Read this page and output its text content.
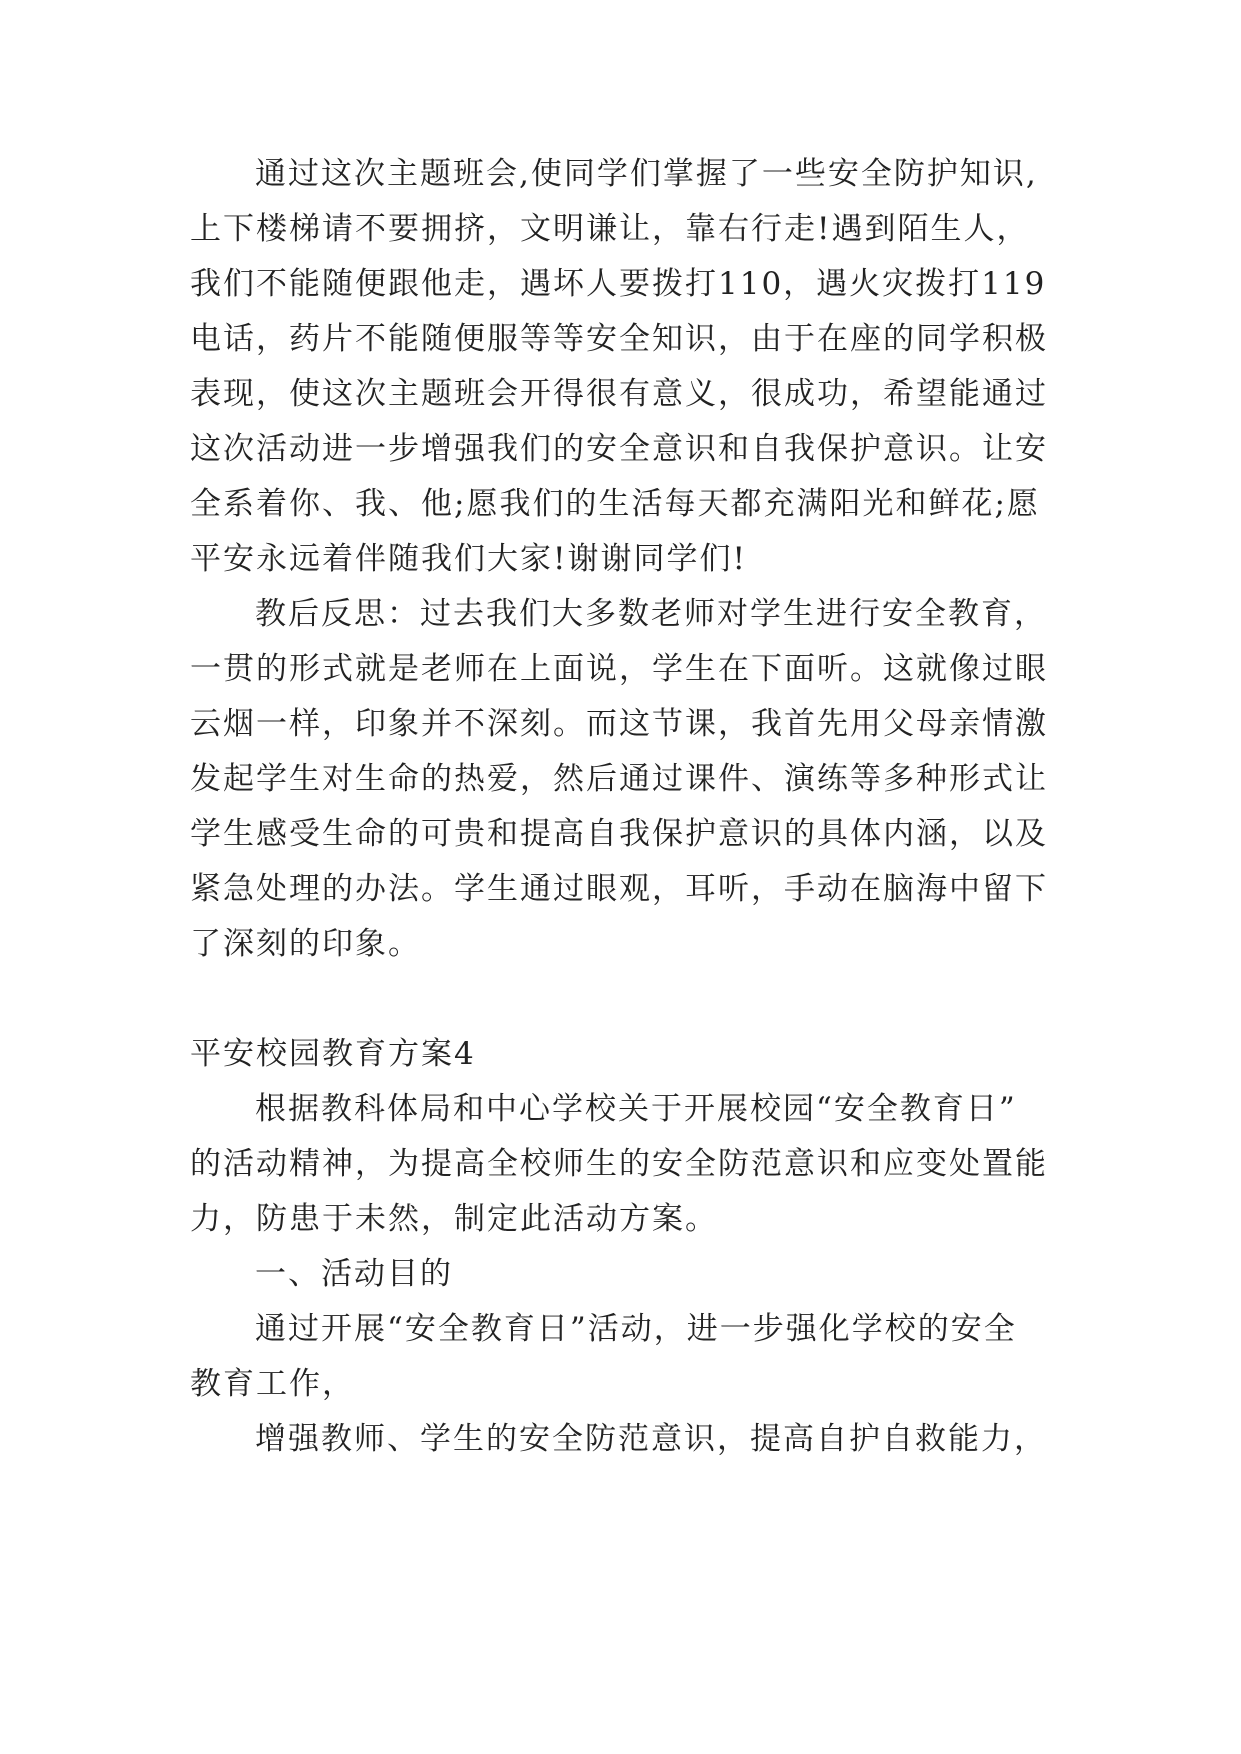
通过这次主题班会,使同学们掌握了一些安全防护知识,
上下楼梯请不要拥挤，文明谦让，靠右行走!遇到陌生人，
我们不能随便跟他走，遇坏人要拨打110，遇火灾拨打119
电话，药片不能随便服等等安全知识，由于在座的同学积极
表现，使这次主题班会开得很有意义，很成功，希望能通过
这次活动进一步增强我们的安全意识和自我保护意识。让安
全系着你、我、他;愿我们的生活每天都充满阳光和鲜花;愿
平安永远着伴随我们大家!谢谢同学们!
教后反思：过去我们大多数老师对学生进行安全教育，
一贯的形式就是老师在上面说，学生在下面听。这就像过眼
云烟一样，印象并不深刻。而这节课，我首先用父母亲情激
发起学生对生命的热爱，然后通过课件、演练等多种形式让
学生感受生命的可贵和提高自我保护意识的具体内涵，以及
紧急处理的办法。学生通过眼观，耳听，手动在脑海中留下
了深刻的印象。
平安校园教育方案4
根据教科体局和中心学校关于开展校园“安全教育日”
的活动精神，为提高全校师生的安全防范意识和应变处置能
力，防患于未然，制定此活动方案。
一、活动目的
通过开展“安全教育日”活动，进一步强化学校的安全
教育工作，
增强教师、学生的安全防范意识，提高自护自救能力，
